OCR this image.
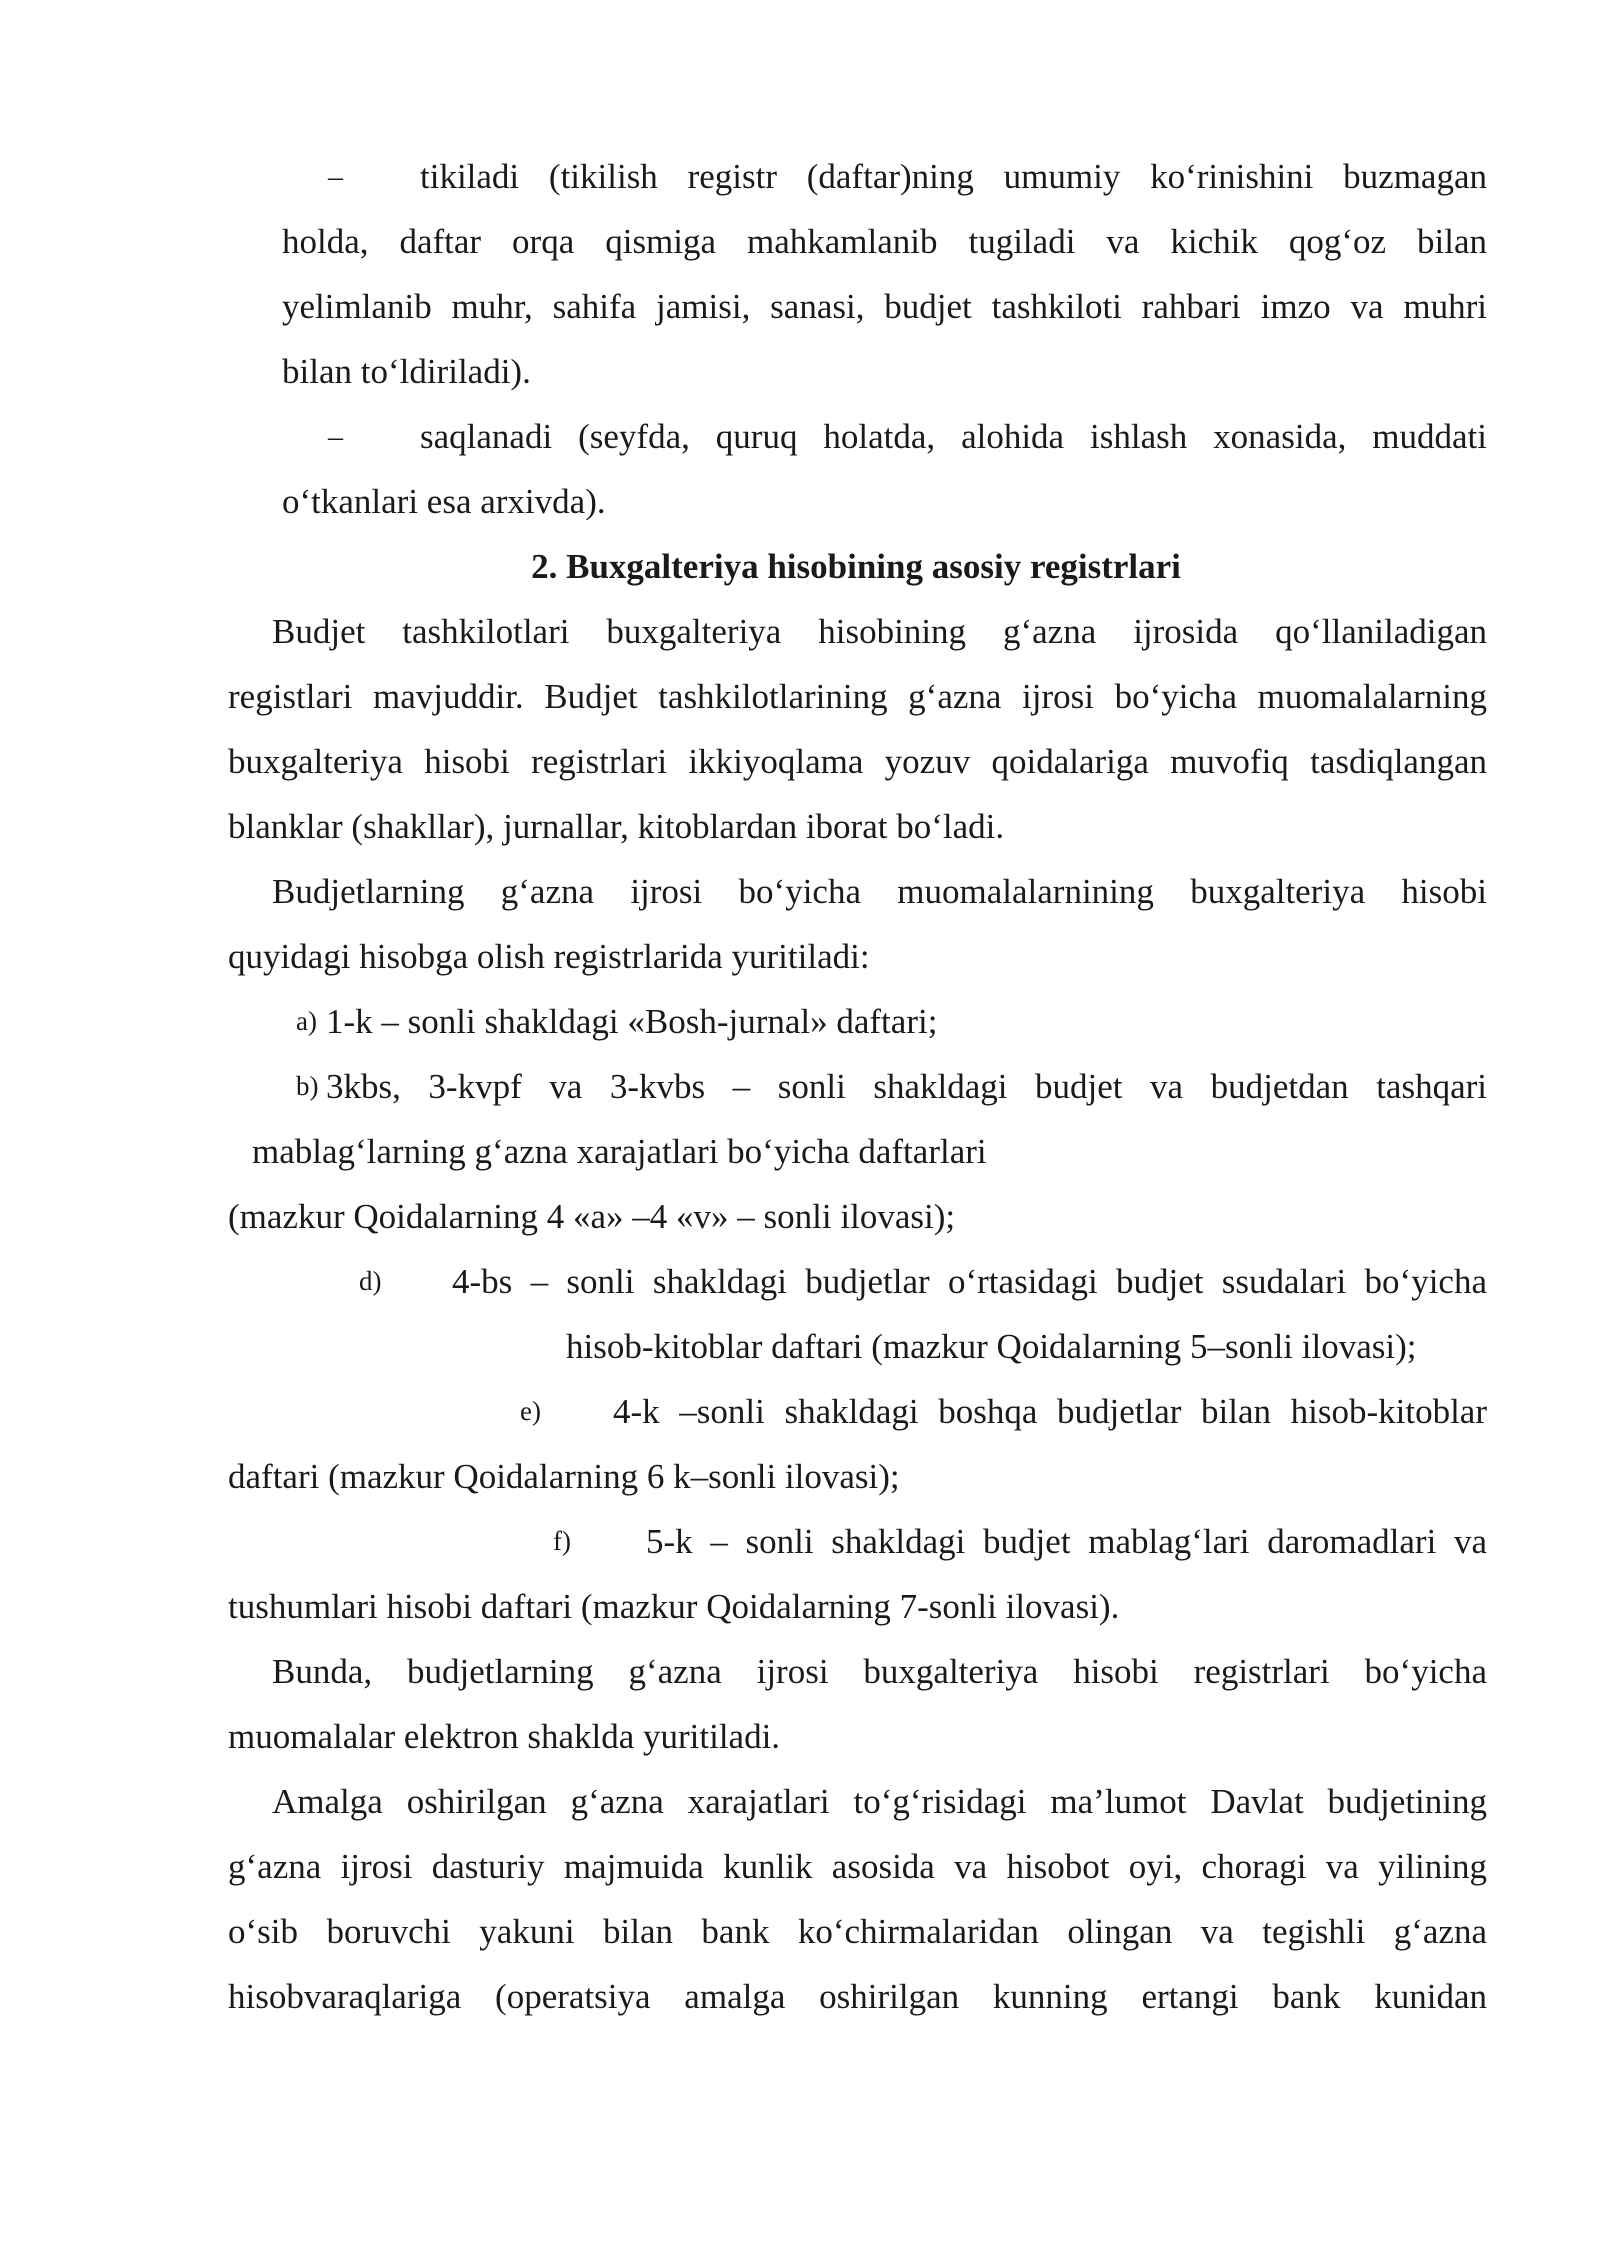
– tikiladi (tikilish registr (daftar)ning umumiy ko‘rinishini buzmagan
holda, daftar orqa qismiga mahkamlanib tugiladi va kichik qog‘oz bilan
yelimlanib muhr, sahifa jamisi, sanasi, budjet tashkiloti rahbari imzo va muhri
bilan to‘ldiriladi).
– saqlanadi (seyfda, quruq holatda, alohida ishlash xonasida, muddati
o‘tkanlari esa arxivda).
2. Buxgalteriya hisobining asosiy registrlari
Budjet tashkilotlari buxgalteriya hisobining g‘azna ijrosida qo‘llaniladigan
registlari mavjuddir. Budjet tashkilotlarining g‘azna ijrosi bo‘yicha muomalalarning
buxgalteriya hisobi registrlari ikkiyoqlama yozuv qoidalariga muvofiq tasdiqlangan
blanklar (shakllar), jurnallar, kitoblardan iborat bo‘ladi.
Budjetlarning g‘azna ijrosi bo‘yicha muomalalarnining buxgalteriya hisobi
quyidagi hisobga olish registrlarida yuritiladi:
a) 1-k – sonli shakldagi «Bosh-jurnal» daftari;
b) 3kbs, 3-kvpf va 3-kvbs – sonli shakldagi budjet va budjetdan tashqari
mablag‘larning g‘azna xarajatlari bo‘yicha daftarlari
(mazkur Qoidalarning 4 «a» –4 «v» – sonli ilovasi);
d) 4-bs – sonli shakldagi budjetlar o‘rtasidagi budjet ssudalari bo‘yicha
hisob-kitoblar daftari (mazkur Qoidalarning 5–sonli ilovasi);
e) 4-k –sonli shakldagi boshqa budjetlar bilan hisob-kitoblar
daftari (mazkur Qoidalarning 6 k–sonli ilovasi);
f) 5-k – sonli shakldagi budjet mablag‘lari daromadlari va
tushumlari hisobi daftari (mazkur Qoidalarning 7-sonli ilovasi).
Bunda, budjetlarning g‘azna ijrosi buxgalteriya hisobi registrlari bo‘yicha
muomalalar elektron shaklda yuritiladi.
Amalga oshirilgan g‘azna xarajatlari to‘g‘risidagi ma’lumot Davlat budjetining
g‘azna ijrosi dasturiy majmuida kunlik asosida va hisobot oyi, choragi va yilining
o‘sib boruvchi yakuni bilan bank ko‘chirmalaridan olingan va tegishli g‘azna
hisobvaraqlariga (operatsiya amalga oshirilgan kunning ertangi bank kunidan
